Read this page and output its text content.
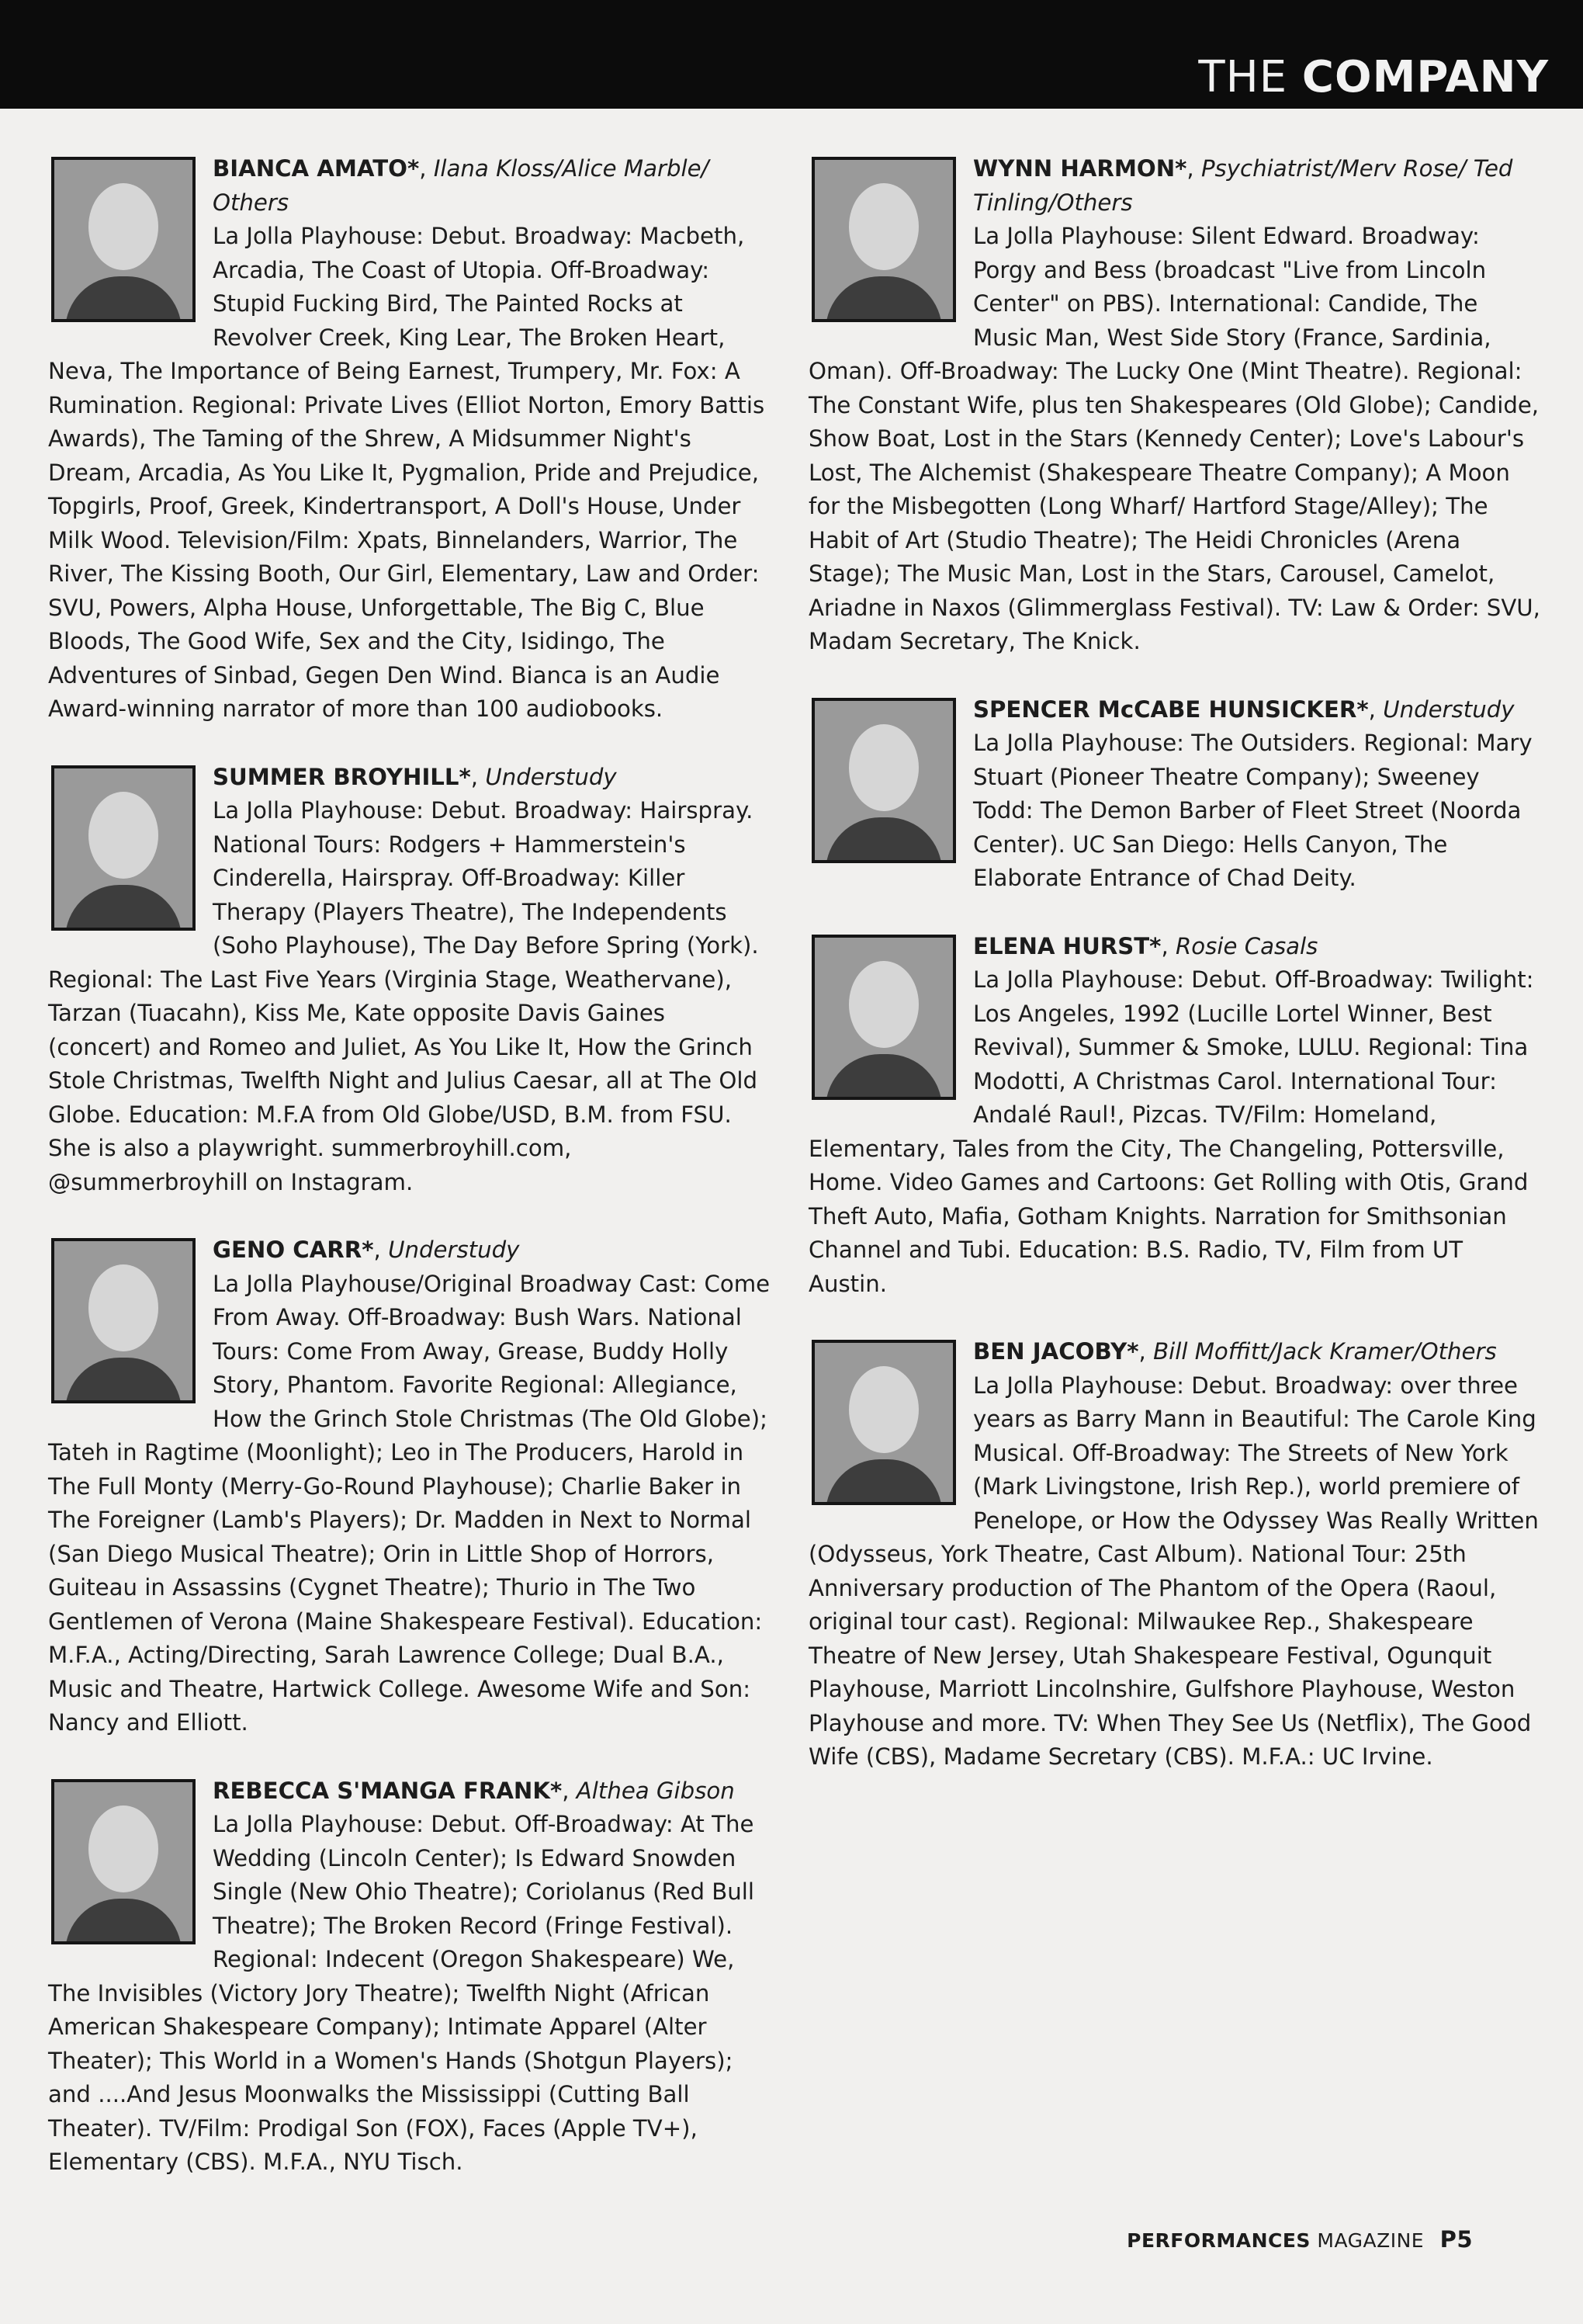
THE COMPANY

BIANCA AMATO*, Ilana Kloss/Alice Marble/ Others
La Jolla Playhouse: Debut. Broadway: Macbeth, Arcadia, The Coast of Utopia. Off-Broadway: Stupid Fucking Bird, The Painted Rocks at Revolver Creek, King Lear, The Broken Heart, Neva, The Importance of Being Earnest, Trumpery, Mr. Fox: A Rumination. Regional: Private Lives (Elliot Norton, Emory Battis Awards), The Taming of the Shrew, A Midsummer Night's Dream, Arcadia, As You Like It, Pygmalion, Pride and Prejudice, Topgirls, Proof, Greek, Kindertransport, A Doll's House, Under Milk Wood. Television/Film: Xpats, Binnelanders, Warrior, The River, The Kissing Booth, Our Girl, Elementary, Law and Order: SVU, Powers, Alpha House, Unforgettable, The Big C, Blue Bloods, The Good Wife, Sex and the City, Isidingo, The Adventures of Sinbad, Gegen Den Wind. Bianca is an Audie Award-winning narrator of more than 100 audiobooks.

SUMMER BROYHILL*, Understudy
La Jolla Playhouse: Debut. Broadway: Hairspray. National Tours: Rodgers + Hammerstein's Cinderella, Hairspray. Off-Broadway: Killer Therapy (Players Theatre), The Independents (Soho Playhouse), The Day Before Spring (York). Regional: The Last Five Years (Virginia Stage, Weathervane), Tarzan (Tuacahn), Kiss Me, Kate opposite Davis Gaines (concert) and Romeo and Juliet, As You Like It, How the Grinch Stole Christmas, Twelfth Night and Julius Caesar, all at The Old Globe. Education: M.F.A from Old Globe/USD, B.M. from FSU. She is also a playwright. summerbroyhill.com, @summerbroyhill on Instagram.

GENO CARR*, Understudy
La Jolla Playhouse/Original Broadway Cast: Come From Away. Off-Broadway: Bush Wars. National Tours: Come From Away, Grease, Buddy Holly Story, Phantom. Favorite Regional: Allegiance, How the Grinch Stole Christmas (The Old Globe); Tateh in Ragtime (Moonlight); Leo in The Producers, Harold in The Full Monty (Merry-Go-Round Playhouse); Charlie Baker in The Foreigner (Lamb's Players); Dr. Madden in Next to Normal (San Diego Musical Theatre); Orin in Little Shop of Horrors, Guiteau in Assassins (Cygnet Theatre); Thurio in The Two Gentlemen of Verona (Maine Shakespeare Festival). Education: M.F.A., Acting/Directing, Sarah Lawrence College; Dual B.A., Music and Theatre, Hartwick College. Awesome Wife and Son: Nancy and Elliott.

REBECCA S'MANGA FRANK*, Althea Gibson
La Jolla Playhouse: Debut. Off-Broadway: At The Wedding (Lincoln Center); Is Edward Snowden Single (New Ohio Theatre); Coriolanus (Red Bull Theatre); The Broken Record (Fringe Festival). Regional: Indecent (Oregon Shakespeare) We, The Invisibles (Victory Jory Theatre); Twelfth Night (African American Shakespeare Company); Intimate Apparel (Alter Theater); This World in a Women's Hands (Shotgun Players); and ....And Jesus Moonwalks the Mississippi (Cutting Ball Theater). TV/Film: Prodigal Son (FOX), Faces (Apple TV+), Elementary (CBS). M.F.A., NYU Tisch.

WYNN HARMON*, Psychiatrist/Merv Rose/ Ted Tinling/Others
La Jolla Playhouse: Silent Edward. Broadway: Porgy and Bess (broadcast "Live from Lincoln Center" on PBS). International: Candide, The Music Man, West Side Story (France, Sardinia, Oman). Off-Broadway: The Lucky One (Mint Theatre). Regional: The Constant Wife, plus ten Shakespeares (Old Globe); Candide, Show Boat, Lost in the Stars (Kennedy Center); Love's Labour's Lost, The Alchemist (Shakespeare Theatre Company); A Moon for the Misbegotten (Long Wharf/ Hartford Stage/Alley); The Habit of Art (Studio Theatre); The Heidi Chronicles (Arena Stage); The Music Man, Lost in the Stars, Carousel, Camelot, Ariadne in Naxos (Glimmerglass Festival). TV: Law & Order: SVU, Madam Secretary, The Knick.

SPENCER McCABE HUNSICKER*, Understudy
La Jolla Playhouse: The Outsiders. Regional: Mary Stuart (Pioneer Theatre Company); Sweeney Todd: The Demon Barber of Fleet Street (Noorda Center). UC San Diego: Hells Canyon, The Elaborate Entrance of Chad Deity.

ELENA HURST*, Rosie Casals
La Jolla Playhouse: Debut. Off-Broadway: Twilight: Los Angeles, 1992 (Lucille Lortel Winner, Best Revival), Summer & Smoke, LULU. Regional: Tina Modotti, A Christmas Carol. International Tour: Andalé Raul!, Pizcas. TV/Film: Homeland, Elementary, Tales from the City, The Changeling, Pottersville, Home. Video Games and Cartoons: Get Rolling with Otis, Grand Theft Auto, Mafia, Gotham Knights. Narration for Smithsonian Channel and Tubi. Education: B.S. Radio, TV, Film from UT Austin.

BEN JACOBY*, Bill Moffitt/Jack Kramer/Others
La Jolla Playhouse: Debut. Broadway: over three years as Barry Mann in Beautiful: The Carole King Musical. Off-Broadway: The Streets of New York (Mark Livingstone, Irish Rep.), world premiere of Penelope, or How the Odyssey Was Really Written (Odysseus, York Theatre, Cast Album). National Tour: 25th Anniversary production of The Phantom of the Opera (Raoul, original tour cast). Regional: Milwaukee Rep., Shakespeare Theatre of New Jersey, Utah Shakespeare Festival, Ogunquit Playhouse, Marriott Lincolnshire, Gulfshore Playhouse, Weston Playhouse and more. TV: When They See Us (Netflix), The Good Wife (CBS), Madame Secretary (CBS). M.F.A.: UC Irvine.

PERFORMANCES MAGAZINE P5
